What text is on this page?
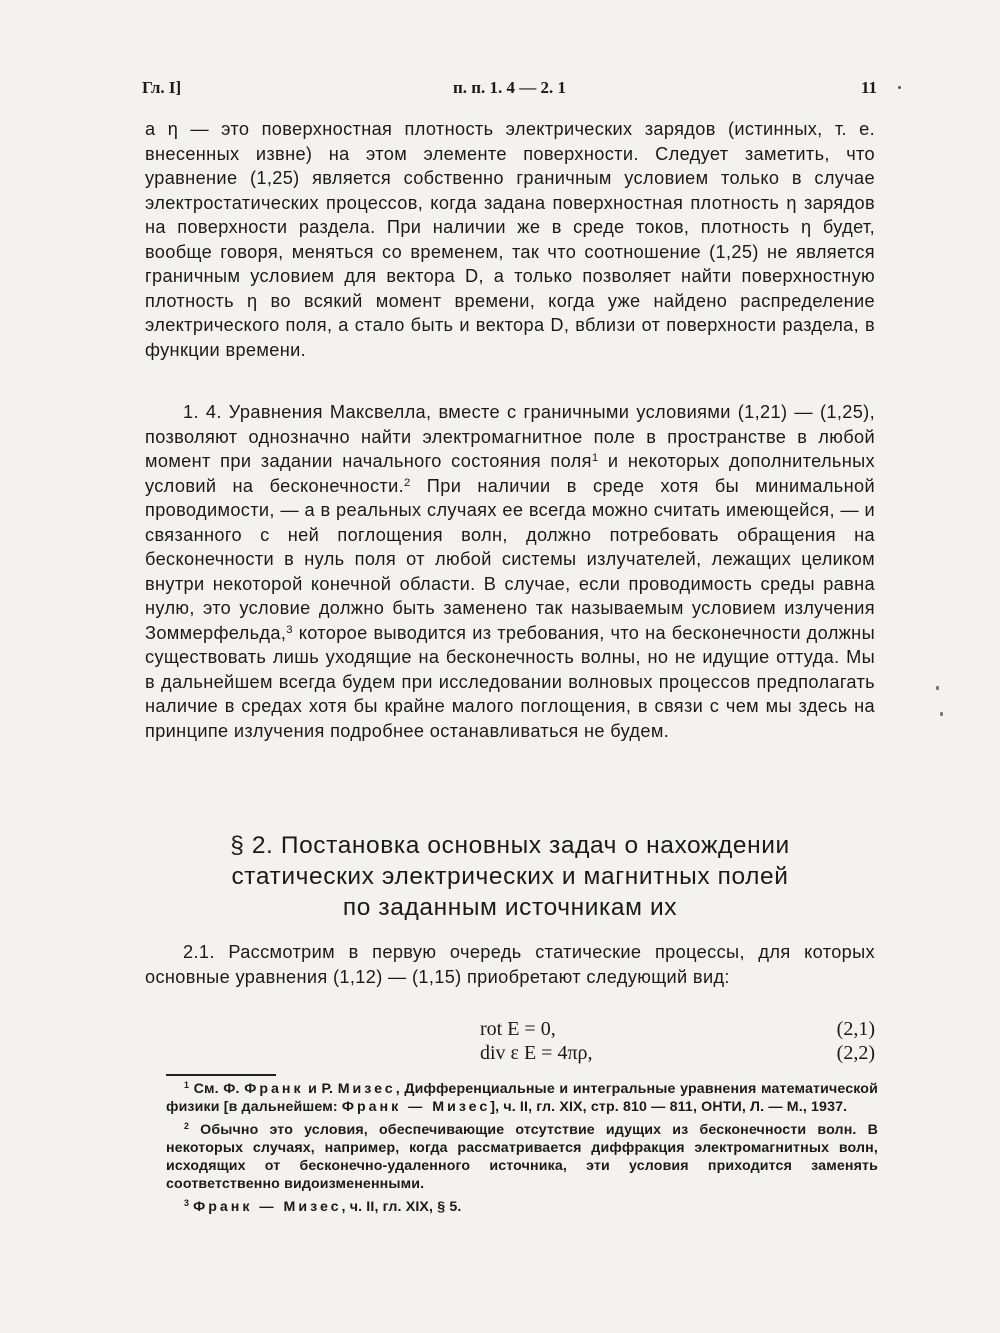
Гл. I]	п. п. 1. 4 — 2. 1	11

а η — это поверхностная плотность электрических зарядов (истинных, т. е. внесенных извне) на этом элементе поверхности. Следует заметить, что уравнение (1,25) является собственно граничным условием только в случае электростатических процессов, когда задана поверхностная плотность η зарядов на поверхности раздела. При наличии же в среде токов, плотность η будет, вообще говоря, меняться со временем, так что соотношение (1,25) не является граничным условием для вектора D, а только позволяет найти поверхностную плотность η во всякий момент времени, когда уже найдено распределение электрического поля, а стало быть и вектора D, вблизи от поверхности раздела, в функции времени.

1. 4. Уравнения Максвелла, вместе с граничными условиями (1,21) — (1,25), позволяют однозначно найти электромагнитное поле в пространстве в любой момент при задании начального состояния поля$^1$ и некоторых дополнительных условий на бесконечности.$^2$ При наличии в среде хотя бы минимальной проводимости, — а в реальных случаях ее всегда можно считать имеющейся, — и связанного с ней поглощения волн, должно потребовать обращения на бесконечности в нуль поля от любой системы излучателей, лежащих целиком внутри некоторой конечной области. В случае, если проводимость среды равна нулю, это условие должно быть заменено так называемым условием излучения Зоммерфельда,$^3$ которое выводится из требования, что на бесконечности должны существовать лишь уходящие на бесконечность волны, но не идущие оттуда. Мы в дальнейшем всегда будем при исследовании волновых процессов предполагать наличие в средах хотя бы крайне малого поглощения, в связи с чем мы здесь на принципе излучения подробнее останавливаться не будем.

§ 2. Постановка основных задач о нахождении
статических электрических и магнитных полей
по заданным источникам их

2.1. Рассмотрим в первую очередь статические процессы, для которых основные уравнения (1,12) — (1,15) приобретают следующий вид:

rot E = 0,	(2,1)
div ε E = 4πρ,	(2,2)

$^1$ См. Ф. Франк и Р. Мизес, Дифференциальные и интегральные уравнения математической физики [в дальнейшем: Франк — Мизес], ч. II, гл. XIX, стр. 810 — 811, ОНТИ, Л. — М., 1937.

$^2$ Обычно это условия, обеспечивающие отсутствие идущих из бесконечности волн. В некоторых случаях, например, когда рассматривается диффракция электромагнитных волн, исходящих от бесконечно-удаленного источника, эти условия приходится заменять соответственно видоизмененными.

$^3$ Франк — Мизес, ч. II, гл. XIX, § 5.
